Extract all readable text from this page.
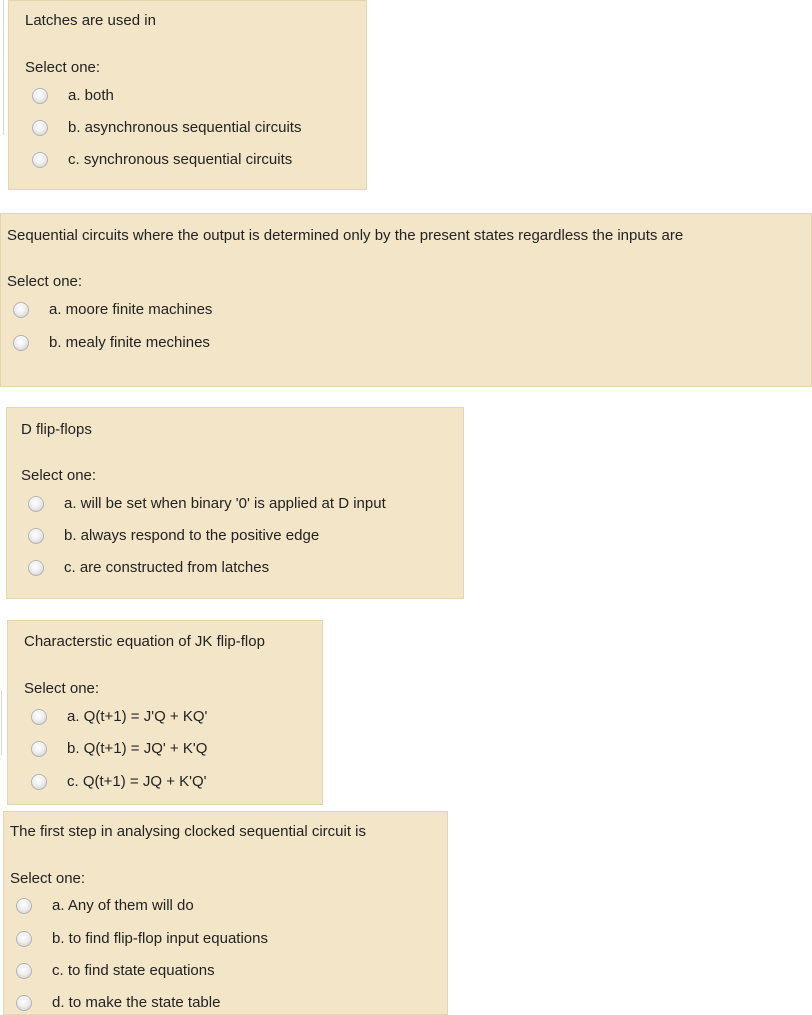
Latches are used in
Select one:
a. both
b. asynchronous sequential circuits
c. synchronous sequential circuits
Sequential circuits where the output is determined only by the present states regardless the inputs are
Select one:
a. moore finite machines
b. mealy finite mechines
D flip-flops
Select one:
a. will be set when binary '0' is applied at D input
b. always respond to the positive edge
c. are constructed from latches
Characterstic equation of JK flip-flop
Select one:
a. Q(t+1) = J'Q + KQ'
b. Q(t+1) = JQ' + K'Q
c. Q(t+1) = JQ + K'Q'
The first step in analysing clocked sequential circuit is
Select one:
a. Any of them will do
b. to find flip-flop input equations
c. to find state equations
d. to make the state table
